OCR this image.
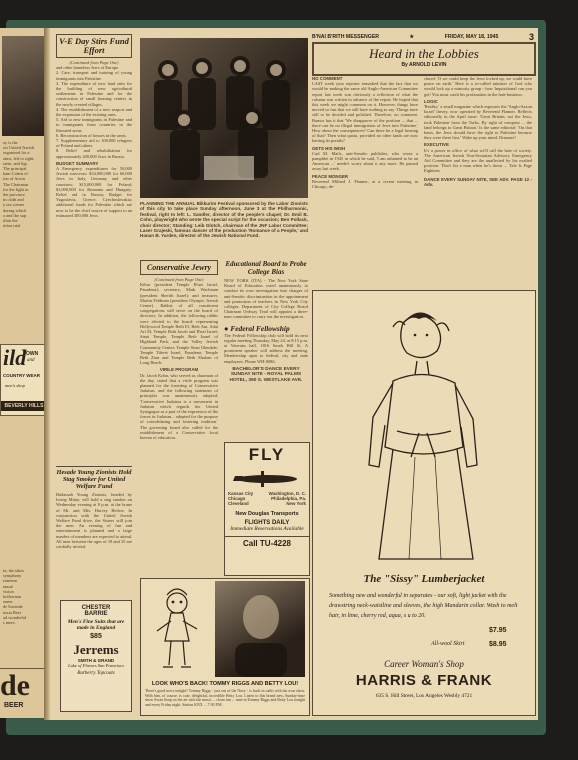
ay is the
ort United Jewish
organized for a
aims, left to right:
stein, and Sgt.
The principal
ham Cohen of
ion of Arson
The Chairman
for the fight in
the province
in cloth and
y tax scenes
during which
a and the sup
ithin the
tition trial
ild
TOWN
and
COUNTRY WEAR
men's shop
BEVERLY HILLS
in, the takes
symphony
eatment
nnual
vision
hollerrnan
oneer
de Eastside
ussia Beer
ad wonderful
s mere.
de
BEER
B'NAI B'RITH MESSENGER	★	FRIDAY, MAY 18, 1945	3
V-E Day Stirs Fund Effort
(Continued from Page One)
and other homeless Jews of Europe.
2. Care, transport and training of young immigrants into Palestine.
3. The expenditure of new land sites for the building of new agricultural settlements in Palestine and for the construction of small housing centers in the newly created villages.
4. The establishment of a new seaport and the expansion of the existing ones.
5. Aid to new immigrants in Palestine and to immigrants from countries in the liberated areas.
6. Reconstruction of houses in the areas.
7. Supplementary aid to 100,000 refugees of Poland and others.
8. Relief and rehabilitation for approximately 200,000 Jews in Russia.
BUDGET SUMMARY
A Emergency expenditures for 50,000 Jewish survivors: $34,000,000 for 60,000 Jews in Italy, Germany and other countries; $15,000,000 for Poland; $3,000,000 for Romania and Hungary. Relief aid in Russia; Budget for Yugoslavia, Greece, Czechoslovakia; additional funds for Palestine which are now to be the chief source of support to an estimated 300,000 Jews.
Hesade Young Zionists Hold Stag Smoker for United Welfare Fund
Hadassah Young Zionists, headed by Irving Mintz, will hold a stag smoker on Wednesday evening at 8 p.m. at the home of Mr. and Mrs. Harvey Becker. In conjunction with the United Jewish Welfare Fund drive, the Sisters will join the men. An evening of fun and entertainment is planned and a large number of members are expected to attend. All men between the ages of 18 and 35 are cordially invited.
CHESTER
BARRIE
Men's Fine Suits that are made in England
$85
Jerrems
SMITH & GRAND
Lake of Flavors San Francisco
Burberry Topcoats
PLANNING THE ANNUAL Bikkurim Festival sponsored by the Labor Zionists of this city to take place Sunday afternoon, June 3 at the Philharmonic, festival, right to left: L. Sandler, director of the people's chapel; Dr. Emil B. Cohn, playwright who wrote the special script for the occasion; Ben Pollack, choir director; Standing: Leib Glotch, chairman of the JNF Labor Committee; Laser Grajeski, famous dancer of the production 'Romance of a People,' and Hanan B. Yarden, director of the Jewish National Fund.
Conservative Jewry
(Continued from Page One)
Kibur (president Temple B'nai Israel, Pasadena); secretary, Mark Wachman (president Sherith Israel); and treasurer, Martin Feldman (president Olympic Jewish Center). Rabbis of all constituent congregations will serve on the board of directors. In addition, the following rabbis were elected to the board: representing Hollywood Temple Beth El, Beth Am, Adat Ari El, Temple Beth Jacob and B'nai Israel; Sinai Temple, Temple Beth Israel of Highland Park, and the Valley Jewish Community Center; Temple Sinai Glendale; Temple Tiferet Israel, Pasadena; Temple Beth Zion and Temple Beth Shalom of Long Beach.
VIRILE PROGRAM
Dr. Jacob Kohn, who served as chairman of the day, stated that a virile program was planned for the fostering of Conservative Judaism, and the following statement of principles was unanimously adopted: 'Conservative Judaism is a movement in Judaism which regards the United Synagogue as a part of the expression of the forces in Judaism... adopted for the purpose of consolidating and fostering tradition.' The governing board also called for the establishment of a Conservative local bureau of education.
Educational Board to Probe College Bias
NEW YORK (JTA) - The New York State Board of Education voted unanimously to conduct its own investigation into charges of anti-Semitic discrimination in the appointment and promotion of teachers in New York City colleges. Department of City College Board Chairman Ordway Tead will appoint a three-man committee to carry out the investigation.
● Federal Fellowship
The Federal Fellowship club will hold its next regular meeting Thursday, May 24, at 8:15 p.m. at Veterans hall, 1816 South Hill St. A prominent speaker will address the meeting. Membership open to federal, city and state employees. Phone WH-0086.
BACHELOR'S DANCE EVERY SUNDAY NITE - ROYAL PALMS HOTEL, 360 S. WESTLAKE AVE.
FLY
Kansas City
Chicago
Cleveland
Washington, D. C.
Philadelphia, Pa.
New York
New Douglas Transports
FLIGHTS DAILY
Immediate Reservations Available
Call TU-4228
LOOK WHO'S BACK! TOMMY RIGGS AND BETTY LOU!
There's good news tonight! Tommy Riggs - just out of the Navy - is back in radio with his own show. With him, of course, is cute, delightful, incredible Betty Lou. Listen to this brand new, Sunday-time show Swan Soap on the air with the music ... clean fun ... tune in Tommy Riggs and Betty Lou tonight and every Friday night. Station KNX ... 7:30 P.M.
Heard in the Lobbies
By ARNOLD LEVIN
NO COMMENT
LAST week your reporter remarked that the fact that we would be making the same old Anglo-American Committee report last week was obviously a reflection of what the column was written in advance of the report. He hoped that this week we might comment on it. However, things have moved so fast that we still have nothing to say. Things have still to be decided and polished. Therefore, no comment. Rumor has it that 'We disapprove of the position ... that ... there can be no illegal immigration of Jews into Palestine.' How about the consequences? Can there be a legal hearing of that? Then what quota, provided no other lands are now barring its portals?
GETS HIS WISH
Carl M. Mails, anti-Semitic publisher, who wrote a pamphlet in 1945 in which he said, 'I am ashamed to be an American ...' needn't worry about it any more. He passed away last week.
PEACE MONGER
Reverend Millard J. Flanner, at a recent meeting in Chicago, de-
clared: 'If we could keep the Jews locked up, we could have peace on earth.' Here is a so-called minister of God who would lock up a minority group - how Inquisitional can you get! You must catch his profanation in the hate business.
LOGIC
'Reality,' a small magazine which espouses the 'Anglo-Saxon Israel' theory, now operated by Reverend Flanner. Reflects editorially in the April issue: 'Great Britain, not the Jews, took Palestine from the Turks. By right of conquest ... the land belongs to Great Britain.' Is the same editorial: 'On that basis, the Jews should have the right to Palestine because they were there first.' Wake up your mind, Dreamer!
EXECUTIVE
It's a power in office of what we'll call the hate of society. The American Jewish Non-Sectarian Advisory Emergency Aid Committee and they are the unaffected by his exalted position. 'Don't hit a man when he's down ... Tale Is Page Eighteen
DANCE EVERY SUNDAY NITE, SEE ADV. PAGE 12 - Adv.
The "Sissy" Lumberjacket
Something new and wonderful in separates - our soft, light jacket with the drawstring neck-waistline and sleeves, the high Mandarin collar. Wash to melt hair, in lime, cherry red, aqua, s u to 20.
$7.95
All-wool Skirt	$8.95
Career Woman's Shop
HARRIS & FRANK
635 S. Hill Street, Los Angeles Wesbly 4721
